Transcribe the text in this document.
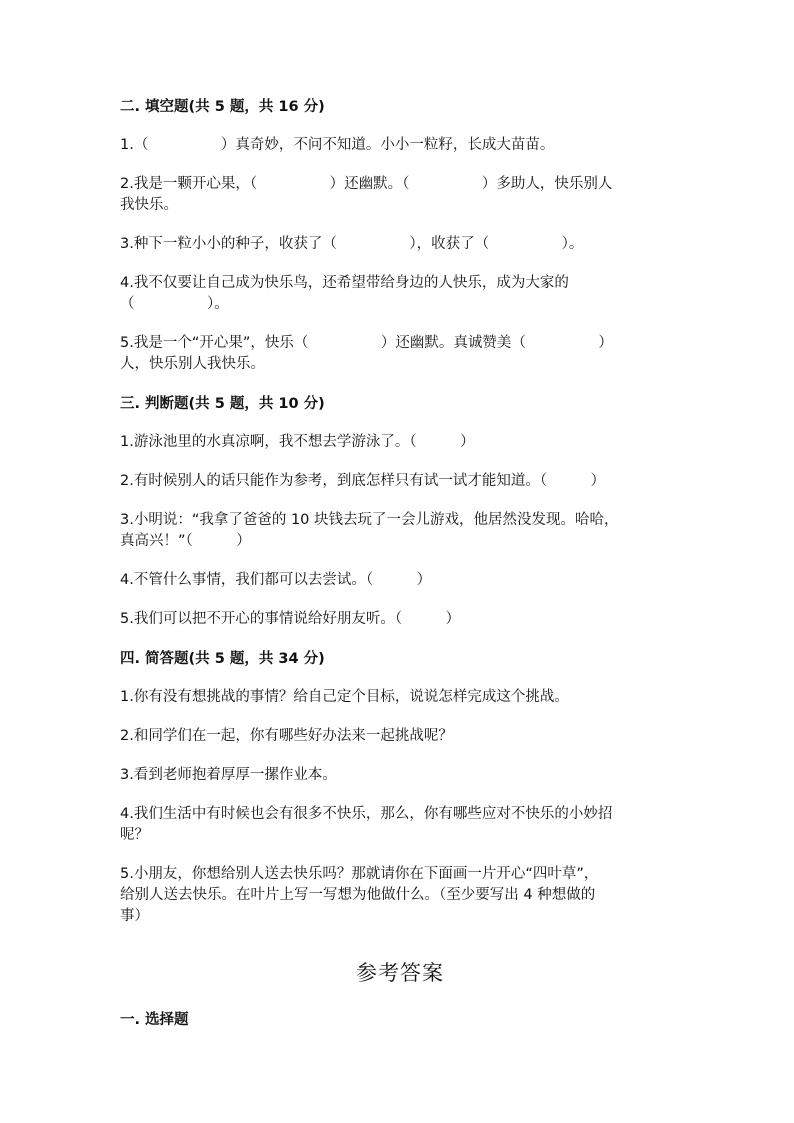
二. 填空题(共 5 题，共 16 分)

1.（　　　　　）真奇妙，不问不知道。小小一粒籽，长成大苗苗。

2.我是一颗开心果，（　　　　　）还幽默。（　　　　　）多助人，快乐别人
我快乐。

3.种下一粒小小的种子，收获了（　　　　　），收获了（　　　　　）。

4.我不仅要让自己成为快乐鸟，还希望带给身边的人快乐，成为大家的
（　　　　　）。

5.我是一个“开心果”，快乐（　　　　　）还幽默。真诚赞美（　　　　　）
人，快乐别人我快乐。

三. 判断题(共 5 题，共 10 分)

1.游泳池里的水真凉啊，我不想去学游泳了。（　　　）

2.有时候别人的话只能作为参考，到底怎样只有试一试才能知道。（　　　）

3.小明说：“我拿了爸爸的 10 块钱去玩了一会儿游戏，他居然没发现。哈哈，
真高兴！”（　　　）

4.不管什么事情，我们都可以去尝试。（　　　）

5.我们可以把不开心的事情说给好朋友听。（　　　）

四. 简答题(共 5 题，共 34 分)

1.你有没有想挑战的事情？给自己定个目标，说说怎样完成这个挑战。

2.和同学们在一起，你有哪些好办法来一起挑战呢？

3.看到老师抱着厚厚一摞作业本。

4.我们生活中有时候也会有很多不快乐，那么，你有哪些应对不快乐的小妙招
呢？

5.小朋友，你想给别人送去快乐吗？那就请你在下面画一片开心“四叶草”，
给别人送去快乐。在叶片上写一写想为他做什么。（至少要写出 4 种想做的
事）

参考答案

一. 选择题
